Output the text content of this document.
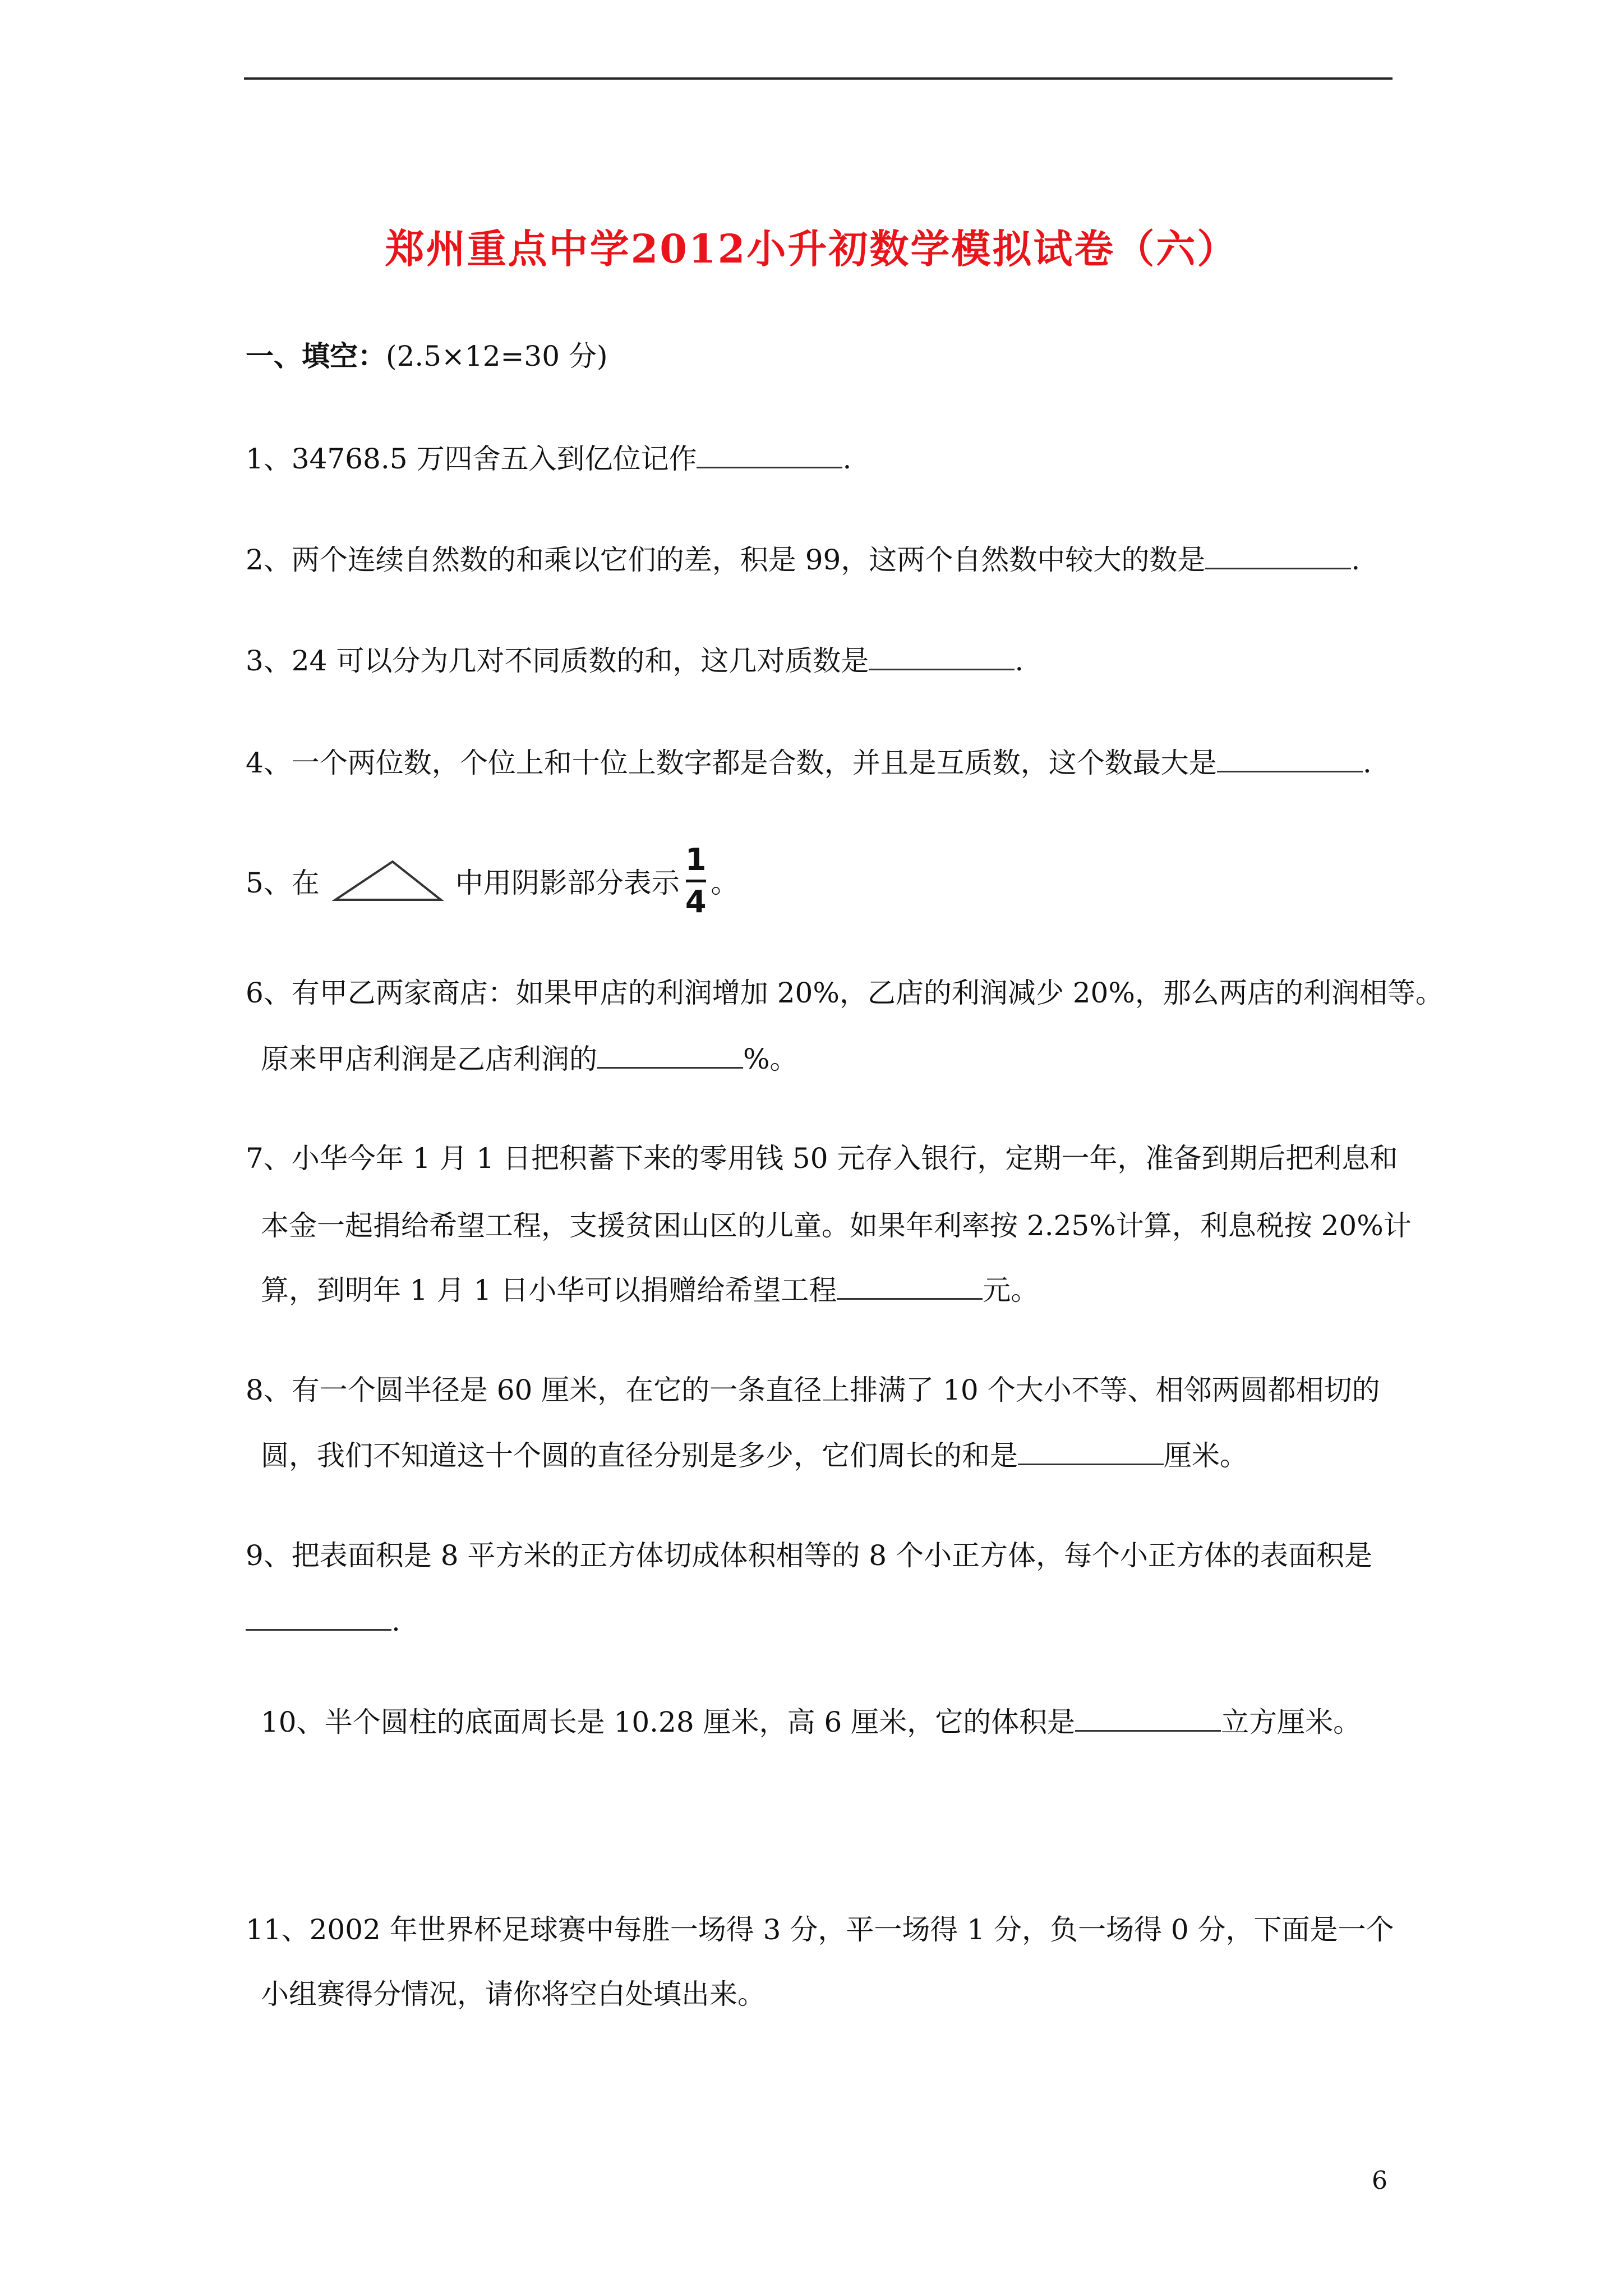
郑州重点中学2012小升初数学模拟试卷（六）
一、填空：(2.5×12=30 分)
1、34768.5 万四舍五入到亿位记作	.
2、两个连续自然数的和乘以它们的差，积是 99，这两个自然数中较大的数是	.
3、24 可以分为几对不同质数的和，这几对质数是	.
4、一个两位数，个位上和十位上数字都是合数，并且是互质数，这个数最大是	.
5、在	中用阴影部分表示
1
4
。
6、有甲乙两家商店：如果甲店的利润增加 20%，乙店的利润减少 20%，那么两店的利润相等。
原来甲店利润是乙店利润的	%。
7、小华今年 1 月 1 日把积蓄下来的零用钱 50 元存入银行，定期一年，准备到期后把利息和
本金一起捐给希望工程，支援贫困山区的儿童。如果年利率按 2.25%计算，利息税按 20%计
算，到明年 1 月 1 日小华可以捐赠给希望工程	元。
8、有一个圆半径是 60 厘米，在它的一条直径上排满了 10 个大小不等、相邻两圆都相切的
圆，我们不知道这十个圆的直径分别是多少，它们周长的和是	厘米。
9、把表面积是 8 平方米的正方体切成体积相等的 8 个小正方体，每个小正方体的表面积是
.
10、半个圆柱的底面周长是 10.28 厘米，高 6 厘米，它的体积是	立方厘米。
11、2002 年世界杯足球赛中每胜一场得 3 分，平一场得 1 分，负一场得 0 分，下面是一个
小组赛得分情况，请你将空白处填出来。
6
